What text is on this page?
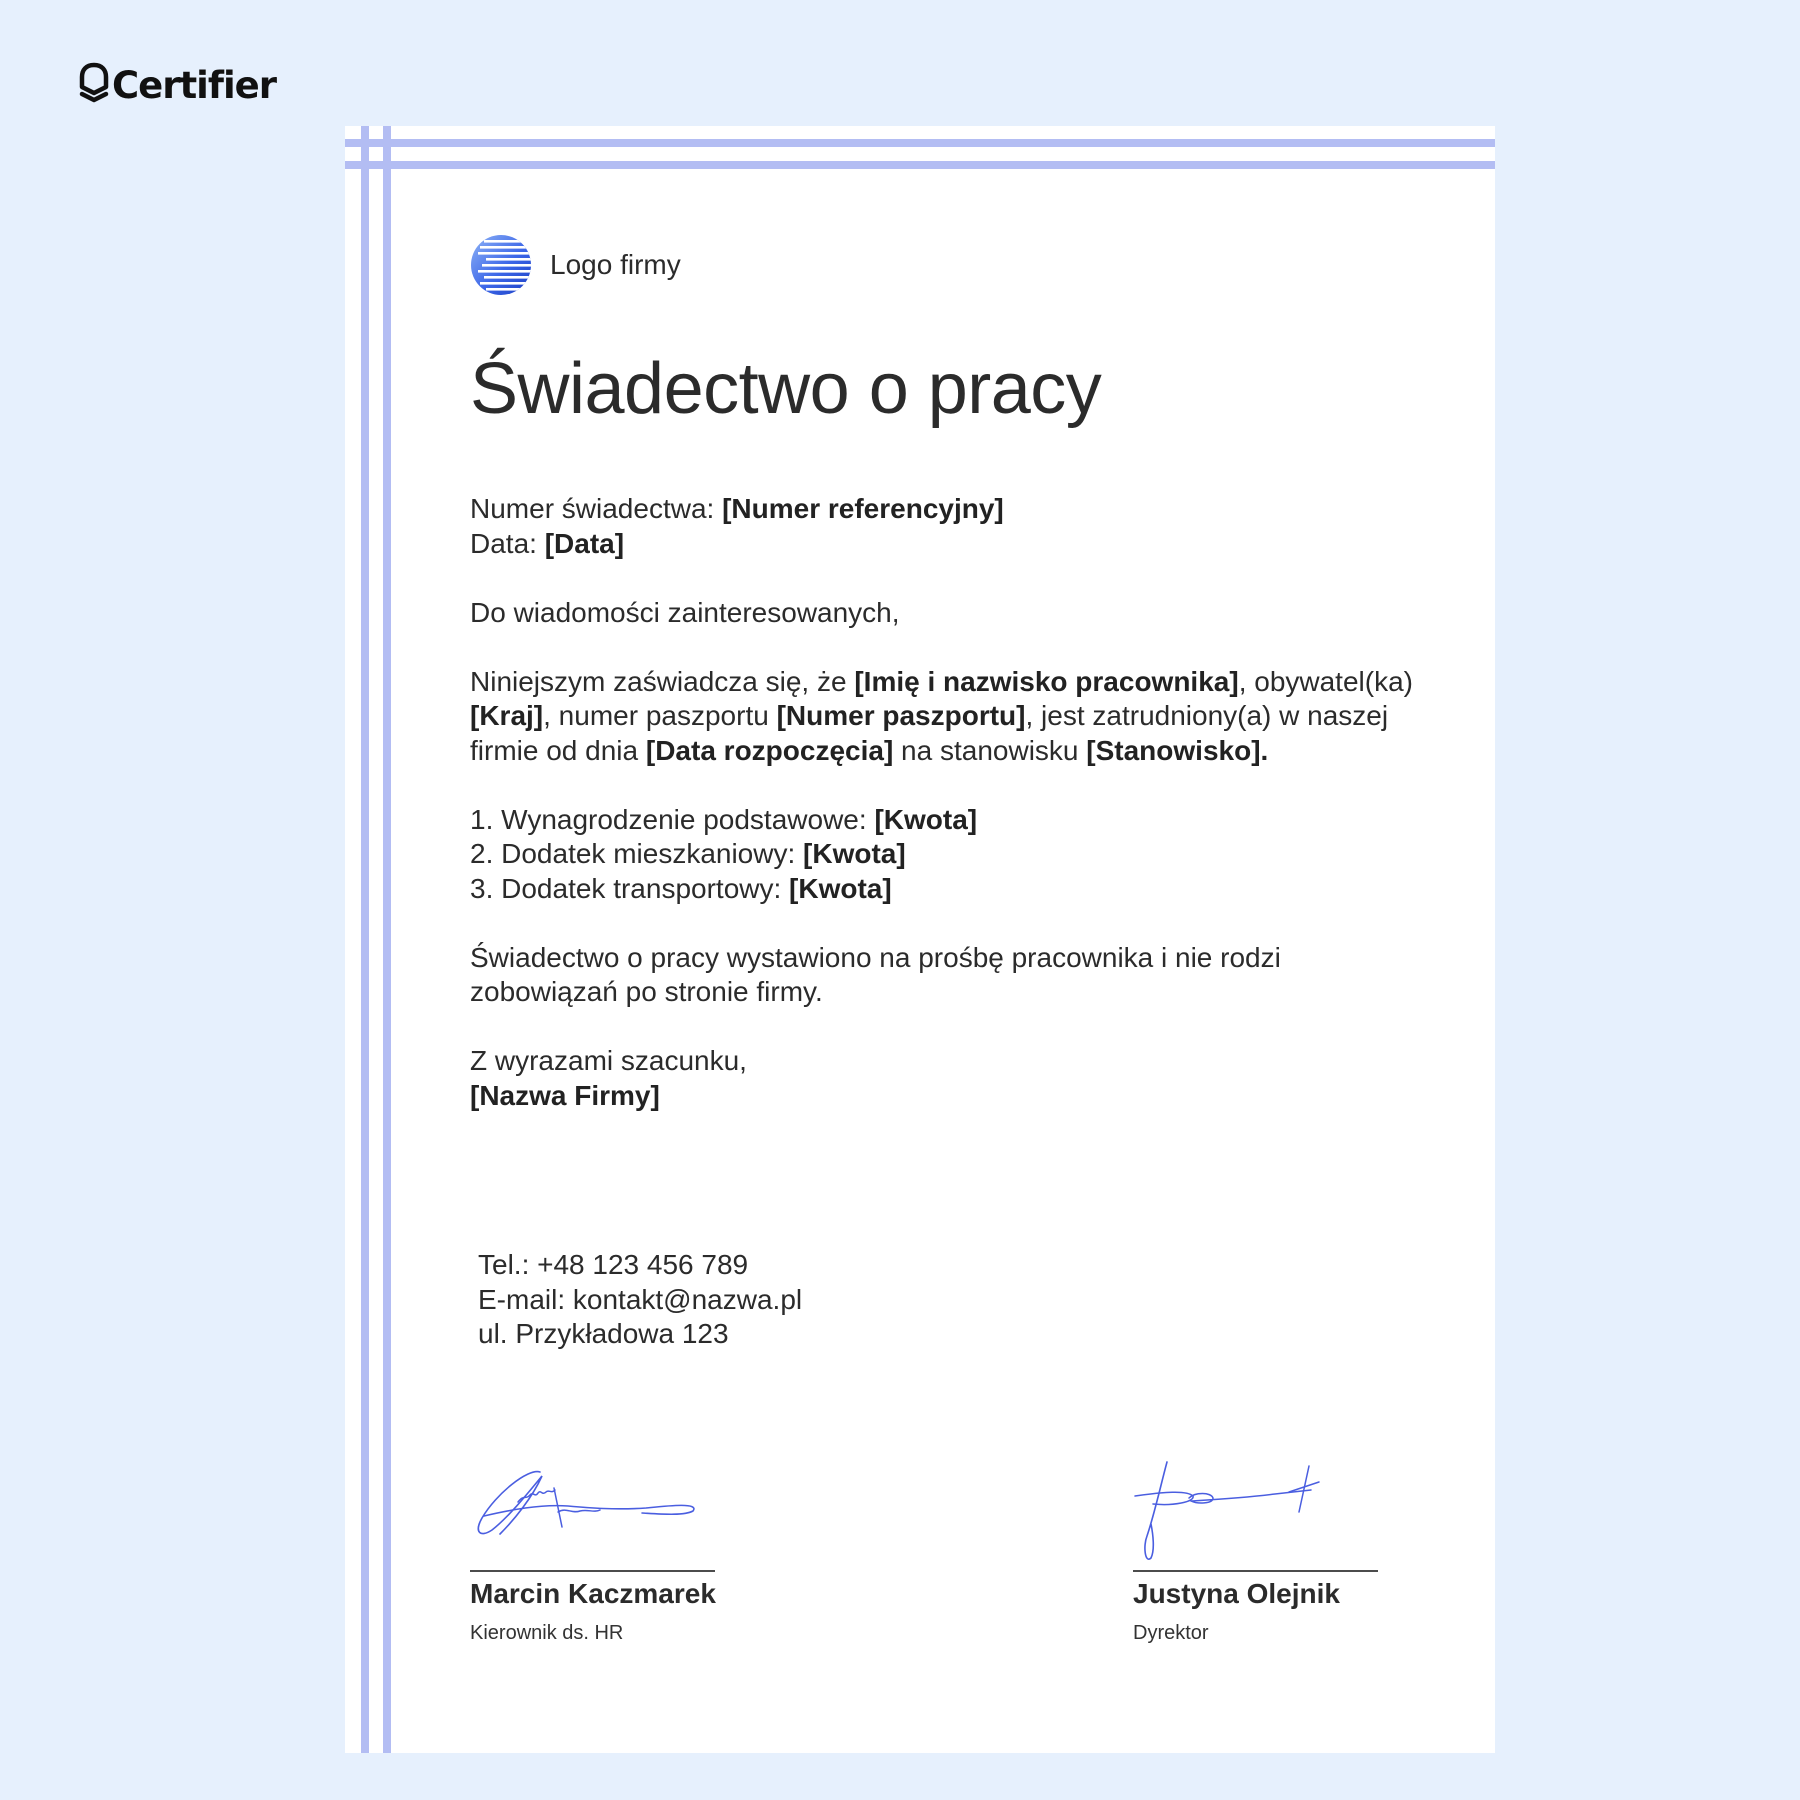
Certifier
Logo firmy
Świadectwo o pracy

Numer świadectwa: [Numer referencyjny]
Data: [Data]

Do wiadomości zainteresowanych,

Niniejszym zaświadcza się, że [Imię i nazwisko pracownika], obywatel(ka) [Kraj], numer paszportu [Numer paszportu], jest zatrudniony(a) w naszej firmie od dnia [Data rozpoczęcia] na stanowisku [Stanowisko].

1. Wynagrodzenie podstawowe: [Kwota]
2. Dodatek mieszkaniowy: [Kwota]
3. Dodatek transportowy: [Kwota]

Świadectwo o pracy wystawiono na prośbę pracownika i nie rodzi zobowiązań po stronie firmy.

Z wyrazami szacunku,
[Nazwa Firmy]

Tel.: +48 123 456 789
E-mail: kontakt@nazwa.pl
ul. Przykładowa 123
Marcin Kaczmarek
Kierownik ds. HR
Justyna Olejnik
Dyrektor
